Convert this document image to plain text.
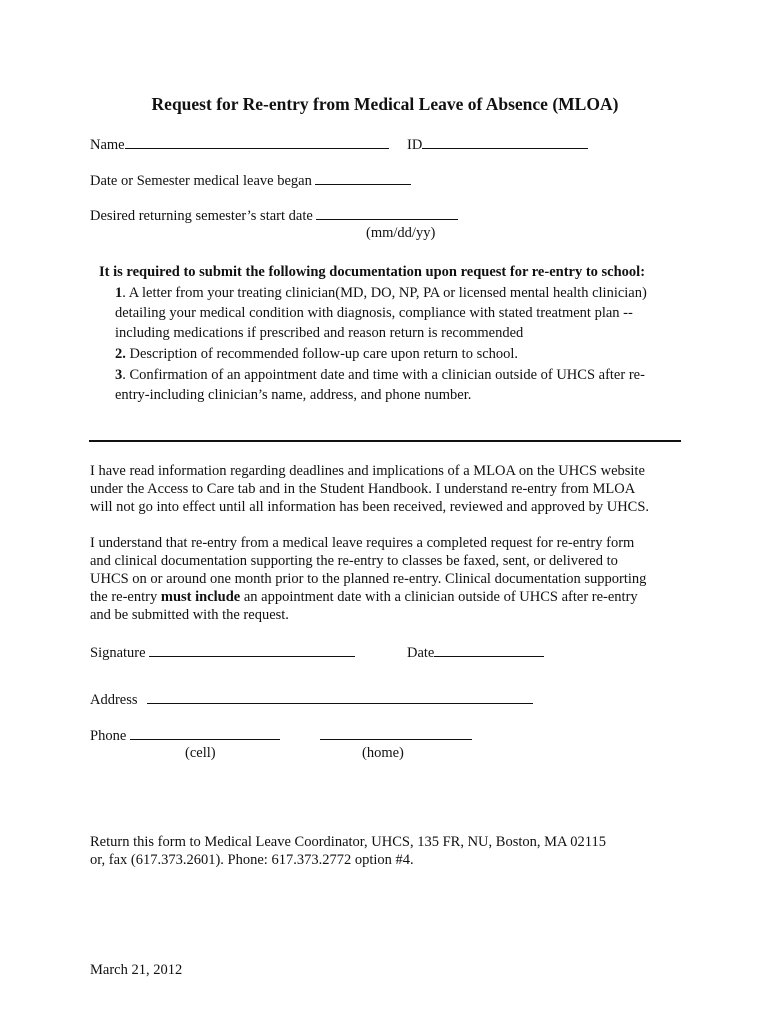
Request for Re-entry from Medical Leave of Absence (MLOA)
Name	ID
Date or Semester medical leave began
Desired returning semester’s start date
(mm/dd/yy)
It is required to submit the following documentation upon request for re-entry to school:
1. A letter from your treating clinician(MD, DO, NP, PA or licensed mental health clinician)
detailing your medical condition with diagnosis, compliance with stated treatment plan --
including medications if prescribed and reason return is recommended
2. Description of recommended follow-up care upon return to school.
3. Confirmation of an appointment date and time with a clinician outside of UHCS after re-
entry-including clinician’s name, address, and phone number.
I have read information regarding deadlines and implications of a MLOA on the UHCS website
under the Access to Care tab and in the Student Handbook. I understand re-entry from MLOA
will not go into effect until all information has been received, reviewed and approved by UHCS.
I understand that re-entry from a medical leave requires a completed request for re-entry form
and clinical documentation supporting the re-entry to classes be faxed, sent, or delivered to
UHCS on or around one month prior to the planned re-entry. Clinical documentation supporting
the re-entry must include an appointment date with a clinician outside of UHCS after re-entry
and be submitted with the request.
Signature	Date
Address
Phone
(cell)	(home)
Return this form to Medical Leave Coordinator, UHCS, 135 FR, NU, Boston, MA 02115
or, fax (617.373.2601). Phone: 617.373.2772 option #4.
March 21, 2012
